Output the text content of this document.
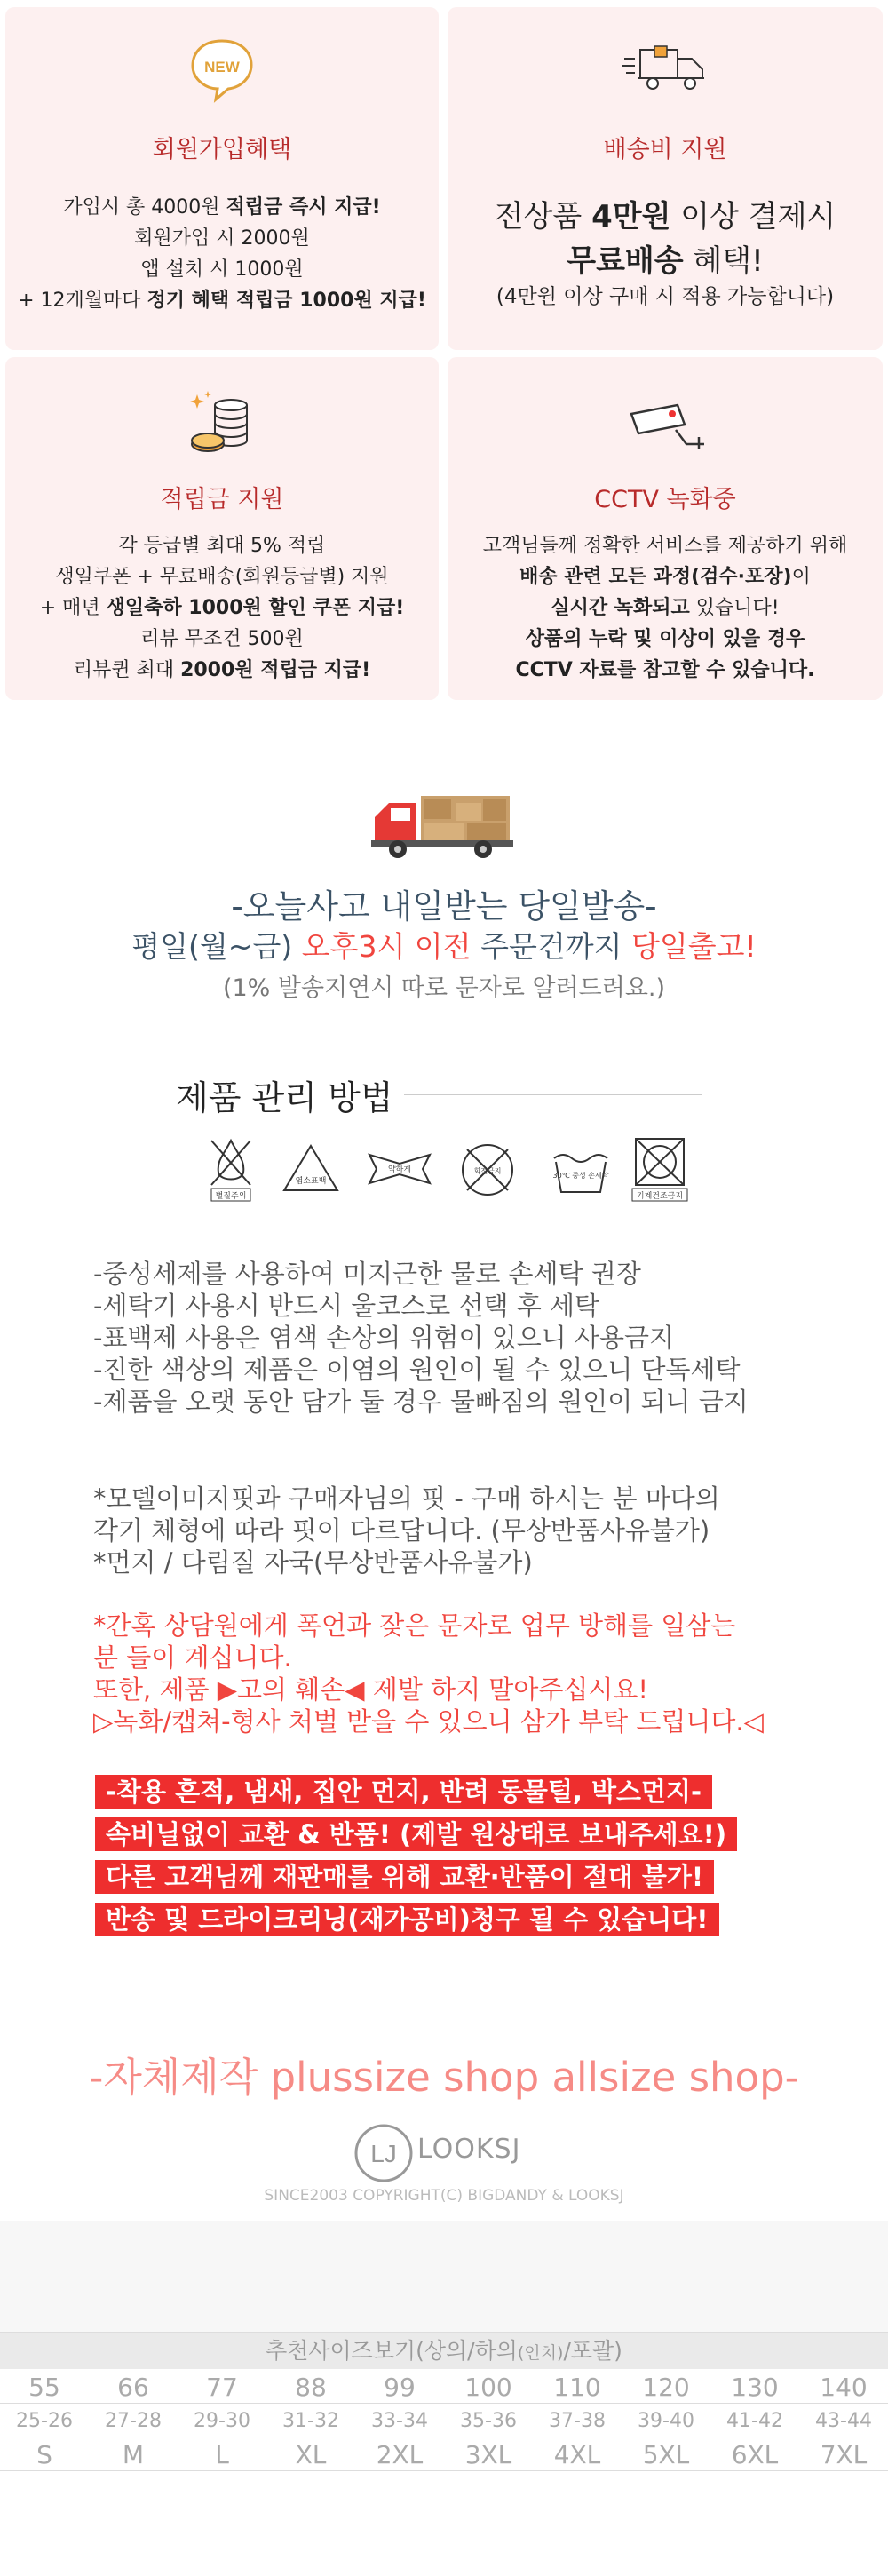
NEW
회원가입혜택
가입시 총 4000원 적립금 즉시 지급!
회원가입 시 2000원
앱 설치 시 1000원
+ 12개월마다 정기 혜택 적립금 1000원 지급!
배송비 지원
전상품 4만원 이상 결제시
무료배송 혜택!
(4만원 이상 구매 시 적용 가능합니다)
적립금 지원
각 등급별 최대 5% 적립
생일쿠폰 + 무료배송(회원등급별) 지원
+ 매년 생일축하 1000원 할인 쿠폰 지급!
리뷰 무조건 500원
리뷰퀸 최대 2000원 적립금 지급!
CCTV 녹화중
고객님들께 정확한 서비스를 제공하기 위해
배송 관련 모든 과정(검수·포장)이
실시간 녹화되고 있습니다!
상품의 누락 및 이상이 있을 경우
CCTV 자료를 참고할 수 있습니다.
-오늘사고 내일받는 당일발송-
평일(월~금) 오후3시 이전 주문건까지 당일출고!
(1% 발송지연시 따로 문자로 알려드려요.)
제품 관리 방법
별질주의
염소표백
약하게	회전금지
30℃ 중성 손세탁
기계건조금지
-중성세제를 사용하여 미지근한 물로 손세탁 권장
-세탁기 사용시 반드시 울코스로 선택 후 세탁
-표백제 사용은 염색 손상의 위험이 있으니 사용금지
-진한 색상의 제품은 이염의 원인이 될 수 있으니 단독세탁
-제품을 오랫 동안 담가 둘 경우 물빠짐의 원인이 되니 금지
*모델이미지핏과 구매자님의 핏 - 구매 하시는 분 마다의
각기 체형에 따라 핏이 다르답니다. (무상반품사유불가)
*먼지 / 다림질 자국(무상반품사유불가)
*간혹 상담원에게 폭언과 잦은 문자로 업무 방해를 일삼는
분 들이 계십니다.
또한, 제품 ▶고의 훼손◀ 제발 하지 말아주십시요!
▷녹화/캡쳐-형사 처벌 받을 수 있으니 삼가 부탁 드립니다.◁
-착용 흔적, 냄새, 집안 먼지, 반려 동물털, 박스먼지-
속비닐없이 교환 & 반품! (제발 원상태로 보내주세요!)
다른 고객님께 재판매를 위해 교환·반품이 절대 불가!
반송 및 드라이크리닝(재가공비)청구 될 수 있습니다!
-자체제작 plussize shop allsize shop-
LJ LOOKSJ
SINCE2003 COPYRIGHT(C) BIGDANDY & LOOKSJ
추천사이즈보기(상의/하의(인치)/포괄)
55	66	77	88	99	100	110	120	130	140
25-26	27-28	29-30	31-32	33-34	35-36	37-38	39-40	41-42	43-44
S	M	L	XL	2XL	3XL	4XL	5XL	6XL	7XL
